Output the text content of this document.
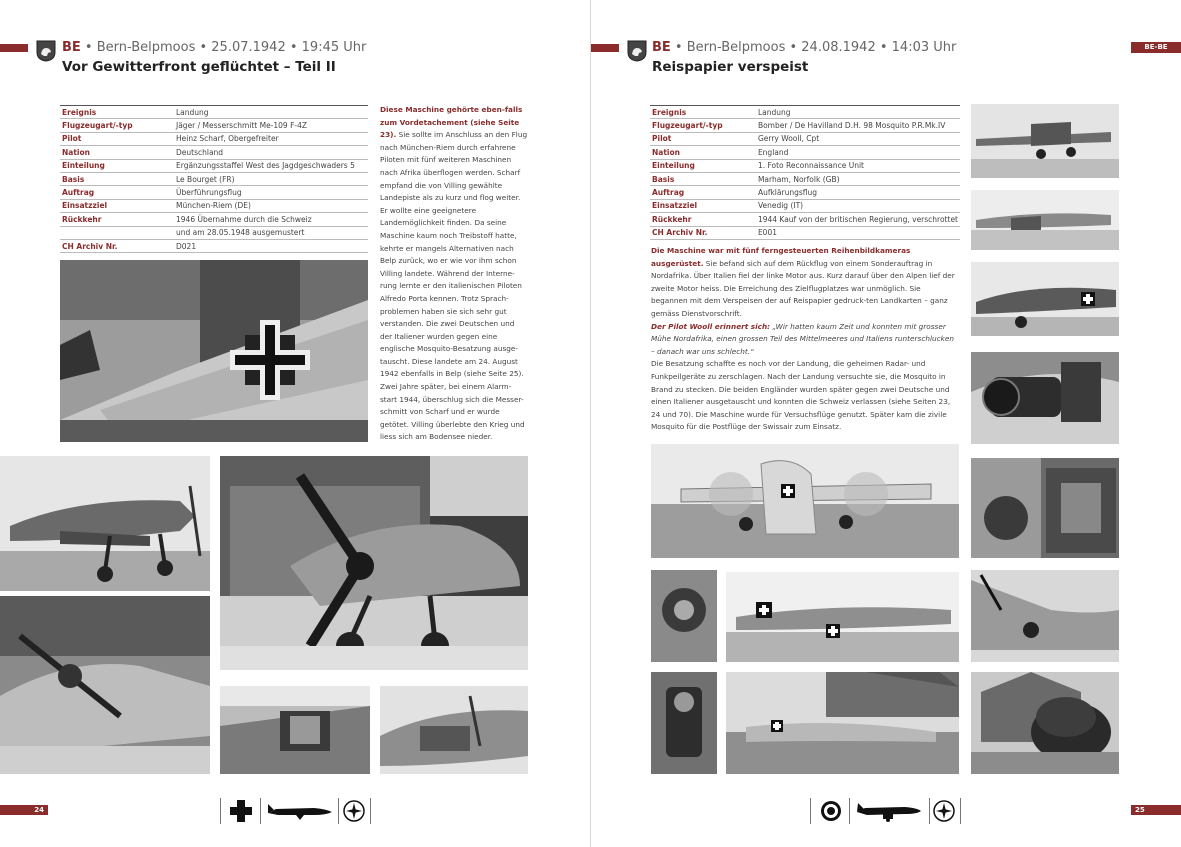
BE • Bern-Belpmoos • 25.07.1942 • 19:45 Uhr
Vor Gewitterfront geflüchtet – Teil II
Ereignis	Landung
Flugzeugart/-typ	Jäger / Messerschmitt Me-109 F-4Z
Pilot	Heinz Scharf, Obergefreiter
Nation	Deutschland
Einteilung	Ergänzungsstaffel West des Jagdgeschwaders 5
Basis	Le Bourget (FR)
Auftrag	Überführungsflug
Einsatzziel	München-Riem (DE)
Rückkehr	1946 Übernahme durch die Schweiz
	und am 28.05.1948 ausgemustert
CH Archiv Nr.	D021
Diese Maschine gehörte eben-falls zum Vordetachement (siehe Seite 23). Sie sollte im Anschluss an den Flug nach München-Riem durch erfahrene Piloten mit fünf weiteren Maschinen nach Afrika überflogen werden. Scharf empfand die von Villing gewählte Landepiste als zu kurz und flog weiter. Er wollte eine geeignetere Landemöglichkeit finden. Da seine Maschine kaum noch Treibstoff hatte, kehrte er mangels Alternativen nach Belp zurück, wo er wie vor ihm schon Villing landete. Während der Interne-rung lernte er den italienischen Piloten Alfredo Porta kennen. Trotz Sprach-problemen haben sie sich sehr gut verstanden. Die zwei Deutschen und der Italiener wurden gegen eine englische Mosquito-Besatzung ausge-tauscht. Diese landete am 24. August 1942 ebenfalls in Belp (siehe Seite 25). Zwei Jahre später, bei einem Alarm-start 1944, überschlug sich die Messer-schmitt von Scharf und er wurde getötet. Villing überlebte den Krieg und liess sich am Bodensee nieder.
24
BE • Bern-Belpmoos • 24.08.1942 • 14:03 Uhr
Reispapier verspeist
Ereignis	Landung
Flugzeugart/-typ	Bomber / De Havilland D.H. 98 Mosquito P.R.Mk.IV
Pilot	Gerry Wooll, Cpt
Nation	England
Einteilung	1. Foto Reconnaissance Unit
Basis	Marham, Norfolk (GB)
Auftrag	Aufklärungsflug
Einsatzziel	Venedig (IT)
Rückkehr	1944 Kauf von der britischen Regierung, verschrottet
CH Archiv Nr.	E001
Die Maschine war mit fünf ferngesteuerten Reihenbildkameras ausgerüstet. Sie befand sich auf dem Rückflug von einem Sonderauftrag in Nordafrika. Über Italien fiel der linke Motor aus. Kurz darauf über den Alpen lief der zweite Motor heiss. Die Erreichung des Zielflugplatzes war unmöglich. Sie begannen mit dem Verspeisen der auf Reispapier gedruck-ten Landkarten – ganz gemäss Dienstvorschrift.
Der Pilot Wooll erinnert sich: „Wir hatten kaum Zeit und konnten mit grosser Mühe Nordafrika, einen grossen Teil des Mittelmeeres und Italiens runterschlucken – danach war uns schlecht.“
Die Besatzung schaffte es noch vor der Landung, die geheimen Radar- und Funkpeilgeräte zu zerschlagen. Nach der Landung versuchte sie, die Mosquito in Brand zu stecken. Die beiden Engländer wurden später gegen zwei Deutsche und einen Italiener ausgetauscht und konnten die Schweiz verlassen (siehe Seiten 23, 24 und 70). Die Maschine wurde für Versuchsflüge genutzt. Später kam die zivile Mosquito für die Postflüge der Swissair zum Einsatz.
25
BE-BE
